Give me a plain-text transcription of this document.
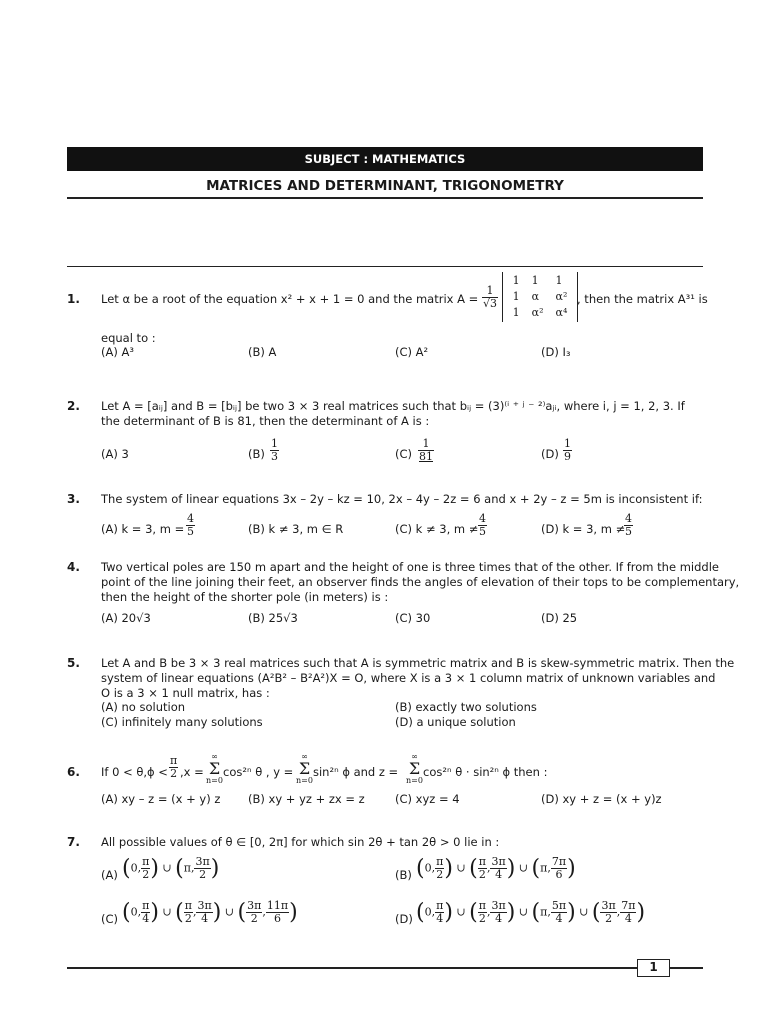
SUBJECT : MATHEMATICS
MATRICES AND DETERMINANT, TRIGONOMETRY
1. Let α be a root of the equation x² + x + 1 = 0 and the matrix $A = \frac{1}{√3}$

1	1	1
1	α	α²
1	α²	α⁴
, then the matrix A³¹ is
equal to :
(A) A³	(B) A	(C) A²	(D) I₃
2. Let A = [aᵢⱼ] and B = [bᵢⱼ] be two 3 × 3 real matrices such that bᵢⱼ = (3)⁽ⁱ ⁺ ʲ ⁻ ²⁾aⱼᵢ, where i, j = 1, 2, 3. If
the determinant of B is 81, then the determinant of A is :
(A) 3	$(B) \frac{1}{3}$	$(C) \frac{1}{81}$	$(D) \frac{1}{9}$
3. The system of linear equations 3x – 2y – kz = 10, 2x – 4y – 2z = 6 and x + 2y – z = 5m is inconsistent if:
(A) k = 3, $m = \frac{4}{5}$	(B) k ≠ 3, m ∈ R	(C) k ≠ 3, $m \ne \frac{4}{5}$	(D) k = 3, m ≠
$\frac{4}{5}$
4. Two vertical poles are 150 m apart and the height of one is three times that of the other. If from the middle
point of the line joining their feet, an observer finds the angles of elevation of their tops to be complementary,
then the height of the shorter pole (in meters) is :
(A) 20√3	(B) 25√3	(C) 30	(D) 25
5. Let A and B be 3 × 3 real matrices such that A is symmetric matrix and B is skew-symmetric matrix. Then the
system of linear equations (A²B² – B²A²)X = O, where X is a 3 × 1 column matrix of unknown variables and
O is a 3 × 1 null matrix, has :
(A) no solution	(B) exactly two solutions
(C) infinitely many solutions	(D) a unique solution
6. If $0 < \theta,\phi < \frac{\pi}{2} ,x$ =
∞
Σ
n=0
cos²ⁿ θ , y =
∞
Σ
n=0
sin²ⁿ ϕ and z =
∞
Σ
n=0
cos²ⁿ θ · sin²ⁿ ϕ then :
(A) xy – z = (x + y) z (B) xy + yz + zx = z	(C) xyz = 4	(D) xy + z = (x + y)z
7. All possible values of θ ∈ [0, 2π] for which sin 2θ + tan 2θ > 0 lie in :
(A) (0, $\frac{\pi}{2}$ ) ∪ (π, $\frac{3\pi}{2}$ )	(B) (0, $\frac{\pi}{2}$ ) ∪ ( $\frac{\pi}{2}$ , $\frac{3\pi}{4}$ ) ∪ (π, $\frac{7\pi}{6}$ )
(C) (0, $\frac{\pi}{4}$ ) ∪ ( $\frac{\pi}{2}$ , $\frac{3\pi}{4}$ ) ∪ ( $\frac{3\pi}{2}$ , $\frac{11\pi}{6}$ )	(D) (0, $\frac{\pi}{4}$ ) ∪ ( $\frac{\pi}{2}$ , $\frac{3\pi}{4}$ ) ∪ (π, $\frac{5\pi}{4}$ ) ∪ ( $\frac{3\pi}{2}$ , $\frac{7\pi}{4}$ )
1
